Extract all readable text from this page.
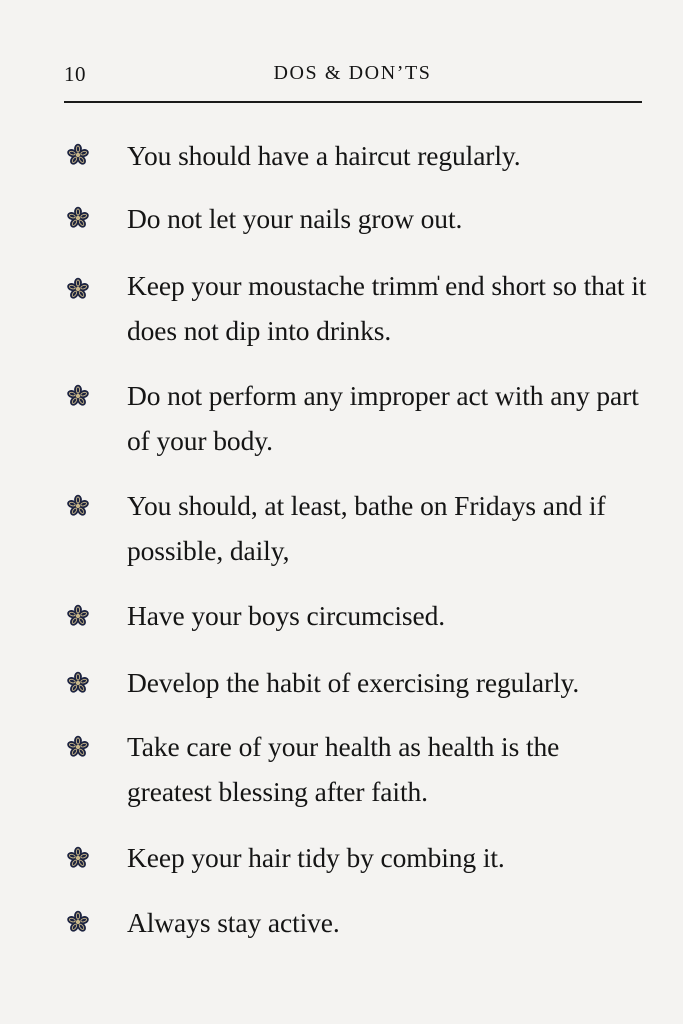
10	DOS & DON’TS
You should have a haircut regularly.
Do not let your nails grow out.
Keep your moustache trimm̍ end short so that it does not dip into drinks.
Do not perform any improper act with any part of your body.
You should, at least, bathe on Fridays and if possible, daily,
Have your boys circumcised.
Develop the habit of exercising regularly.
Take care of your health as health is the greatest blessing after faith.
Keep your hair tidy by combing it.
Always stay active.
